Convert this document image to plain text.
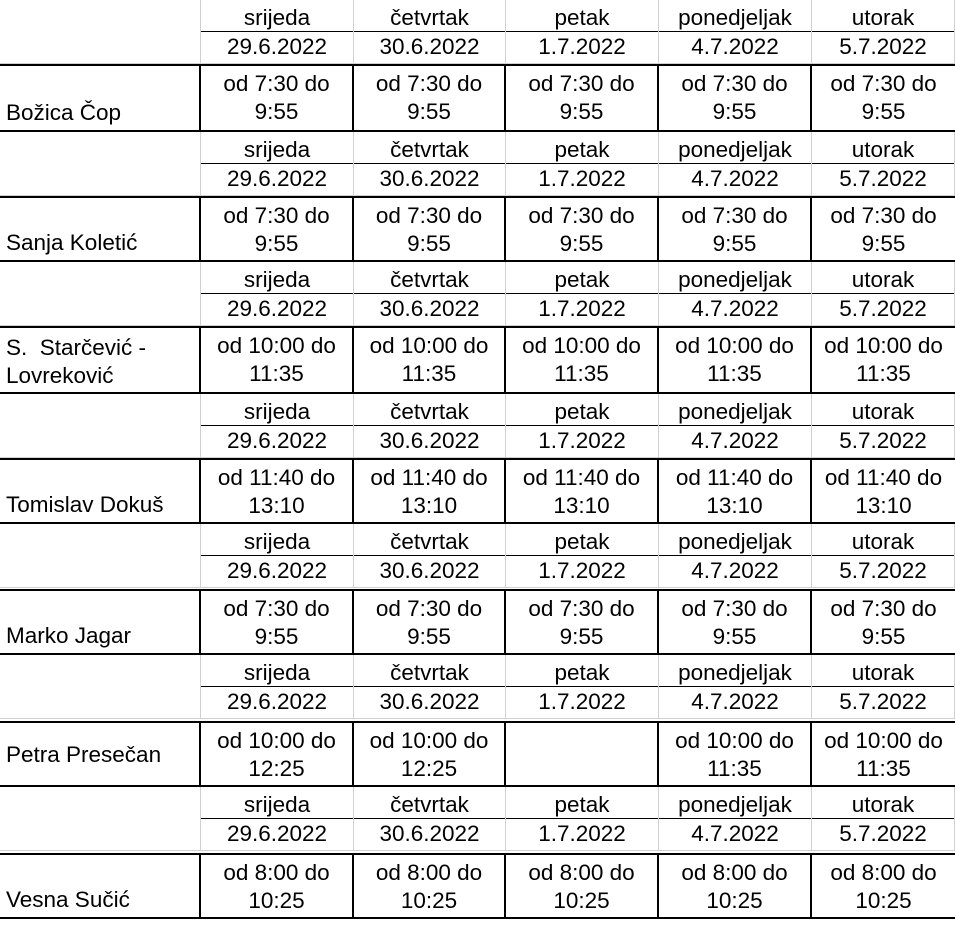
srijeda
29.6.2022
četvrtak
30.6.2022
petak
1.7.2022
ponedjeljak
4.7.2022
utorak
5.7.2022
Božica Čop
od 7:30 do
9:55
od 7:30 do
9:55
od 7:30 do
9:55
od 7:30 do
9:55
od 7:30 do
9:55
srijeda
29.6.2022
četvrtak
30.6.2022
petak
1.7.2022
ponedjeljak
4.7.2022
utorak
5.7.2022
Sanja Koletić
od 7:30 do
9:55
od 7:30 do
9:55
od 7:30 do
9:55
od 7:30 do
9:55
od 7:30 do
9:55
srijeda
29.6.2022
četvrtak
30.6.2022
petak
1.7.2022
ponedjeljak
4.7.2022
utorak
5.7.2022
S.  Starčević -
Lovreković
od 10:00 do
11:35
od 10:00 do
11:35
od 10:00 do
11:35
od 10:00 do
11:35
od 10:00 do
11:35
srijeda
29.6.2022
četvrtak
30.6.2022
petak
1.7.2022
ponedjeljak
4.7.2022
utorak
5.7.2022
Tomislav Dokuš
od 11:40 do
13:10
od 11:40 do
13:10
od 11:40 do
13:10
od 11:40 do
13:10
od 11:40 do
13:10
srijeda
29.6.2022
četvrtak
30.6.2022
petak
1.7.2022
ponedjeljak
4.7.2022
utorak
5.7.2022
Marko Jagar
od 7:30 do
9:55
od 7:30 do
9:55
od 7:30 do
9:55
od 7:30 do
9:55
od 7:30 do
9:55
srijeda
29.6.2022
četvrtak
30.6.2022
petak
1.7.2022
ponedjeljak
4.7.2022
utorak
5.7.2022
Petra Presečan
od 10:00 do
12:25
od 10:00 do
12:25
od 10:00 do
11:35
od 10:00 do
11:35
srijeda
29.6.2022
četvrtak
30.6.2022
petak
1.7.2022
ponedjeljak
4.7.2022
utorak
5.7.2022
Vesna Sučić
od 8:00 do
10:25
od 8:00 do
10:25
od 8:00 do
10:25
od 8:00 do
10:25
od 8:00 do
10:25
